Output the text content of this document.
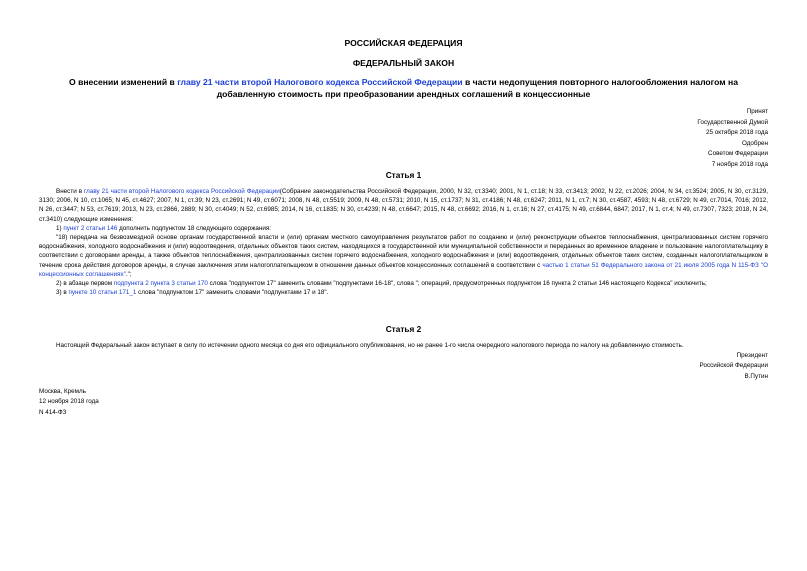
РОССИЙСКАЯ ФЕДЕРАЦИЯ
ФЕДЕРАЛЬНЫЙ ЗАКОН
О внесении изменений в главу 21 части второй Налогового кодекса Российской Федерации в части недопущения повторного налогообложения налогом на добавленную стоимость при преобразовании арендных соглашений в концессионные
Принят
Государственной Думой
25 октября 2018 года
Одобрен
Советом Федерации
7 ноября 2018 года
Статья 1

Внести в главу 21 части второй Налогового кодекса Российской Федерации(Собрание законодательства Российской Федерации, 2000, N 32, ст.3340; 2001, N 1, ст.18; N 33, ст.3413; 2002, N 22, ст.2026; 2004, N 34, ст.3524; 2005, N 30, ст.3129, 3130; 2006, N 10, ст.1065; N 45, ст.4627; 2007, N 1, ст.39; N 23, ст.2691; N 49, ст.6071; 2008, N 48, ст.5519; 2009, N 48, ст.5731; 2010, N 15, ст.1737; N 31, ст.4186; N 48, ст.6247; 2011, N 1, ст.7; N 30, ст.4587, 4593; N 48, ст.6729; N 49, ст.7014, 7016; 2012, N 26, ст.3447; N 53, ст.7619; 2013, N 23, ст.2866, 2889; N 30, ст.4049; N 52, ст.6985; 2014, N 16, ст.1835; N 30, ст.4239; N 48, ст.6647; 2015, N 48, ст.6692; 2016, N 1, ст.16; N 27, ст.4175; N 49, ст.6844, 6847; 2017, N 1, ст.4; N 49, ст.7307, 7323; 2018, N 24, ст.3410) следующие изменения:

1) пункт 2 статьи 146 дополнить подпунктом 18 следующего содержания:

"18) передача на безвозмездной основе органам государственной власти и (или) органам местного самоуправления результатов работ по созданию и (или) реконструкции объектов теплоснабжения, централизованных систем горячего водоснабжения, холодного водоснабжения и (или) водоотведения, отдельных объектов таких систем, находящихся в государственной или муниципальной собственности и переданных во временное владение и пользование налогоплательщику в соответствии с договорами аренды, а также объектов теплоснабжения, централизованных систем горячего водоснабжения, холодного водоснабжения и (или) водоотведения, отдельных объектов таких систем, созданных налогоплательщиком в течение срока действия договоров аренды, в случае заключения этим налогоплательщиком в отношении данных объектов концессионных соглашений в соответствии с частью 1 статьи 51 Федерального закона от 21 июля 2005 года N 115-ФЗ "О концессионных соглашениях".";

2) в абзаце первом подпункта 2 пункта 3 статьи 170 слова "подпунктом 17" заменить словами "подпунктами 16-18", слова "; операций, предусмотренных подпунктом 16 пункта 2 статьи 146 настоящего Кодекса" исключить;

3) в пункте 10 статьи 171_1 слова "подпунктом 17" заменить словами "подпунктами 17 и 18".

Статья 2

Настоящий Федеральный закон вступает в силу по истечении одного месяца со дня его официального опубликования, но не ранее 1-го числа очередного налогового периода по налогу на добавленную стоимость.

Президент
Российской Федерации
В.Путин
Москва, Кремль
12 ноября 2018 года
N 414-ФЗ
